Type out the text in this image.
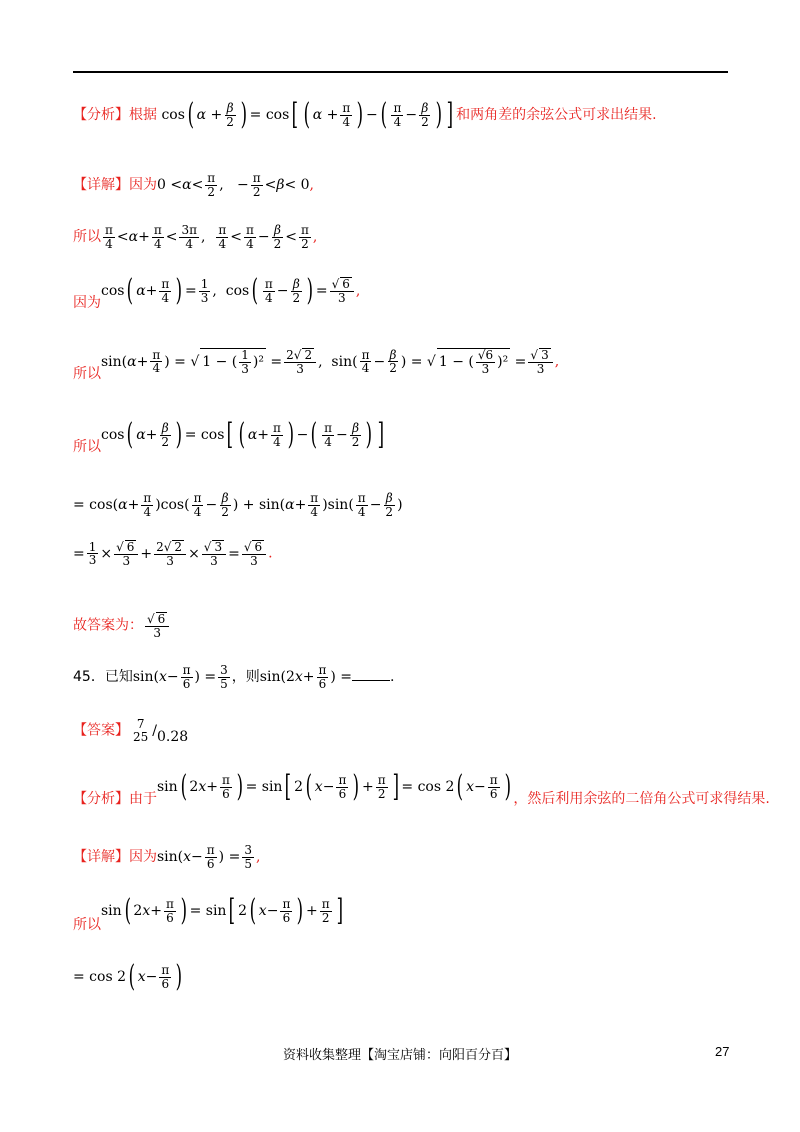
【分析】根据 cos ( $\alpha + \frac{\beta}{2}$ ) = cos [ ( $\alpha + \frac{\pi}{4}$ ) − ( $\frac{\pi}{4} - \frac{\beta}{2}$ ) ] 和两角差的余弦公式可求出结果.
【详解】因为$0 < \alpha < \frac{\pi}{2}$ ,   − $\frac{\pi}{2} < \beta < 0$,
所以 $\frac{\pi}{4} < \alpha + \frac{\pi}{4} < \frac{3\pi}{4}$ , $\frac{\pi}{4} < \frac{\pi}{4} - \frac{\beta}{2} < \frac{\pi}{2}$ ,
因为cos ( $\alpha + \frac{\pi}{4}$ ) = $\frac{1}{3}$ ,  cos ( $\frac{\pi}{4} - \frac{\beta}{2}$ ) = $\frac{√ 6}{3}$ ,
所以sin( $\alpha + \frac{\pi}{4}$ ) = √ 1 − ( $\frac{1}{3} )^2 = \frac{2√ 2}{3}$ ,  $\sin( \frac{\pi}{4} - \frac{\beta}{2}$ ) = √ 1 − ( $\frac{√6}{3} )^2 = \frac{√ 3}{3}$ ,
所以cos ( $\alpha + \frac{\beta}{2}$ ) = cos [ ( $\alpha + \frac{\pi}{4}$ ) − ( $\frac{\pi}{4} - \frac{\beta}{2}$ ) ]
= cos( $\alpha + \frac{\pi}{4} )\cos( \frac{\pi}{4} - \frac{\beta}{2}$ ) + sin( $\alpha + \frac{\pi}{4} )\sin( \frac{\pi}{4} - \frac{\beta}{2}$ )
= $\frac{1}{3} \times \frac{√ 6}{3} + \frac{2√ 2}{3} \times \frac{√ 3}{3} = \frac{√ 6}{3}$ .
故答案为： $\frac{√ 6}{3}$
45．已知sin( $x - \frac{\pi}{6}$ ) = $\frac{3}{5}$ ，则sin(2 $x + \frac{\pi}{6}$ ) =	.
【答案】 7
25 / 0.28
【分析】由于sin ( 2 $x + \frac{\pi}{6}$ ) = sin [ 2 ( $x - \frac{\pi}{6}$ ) + $\frac{\pi}{2}$ ] = cos 2 ( $x - \frac{\pi}{6}$ ) ，然后利用余弦的二倍角公式可求得结果.
【详解】因为sin( $x - \frac{\pi}{6}$ ) = $\frac{3}{5}$ ,
所以sin ( 2 $x + \frac{\pi}{6}$ ) = sin [ 2 ( $x - \frac{\pi}{6}$ ) + $\frac{\pi}{2}$ ]
= cos 2 ( $x - \frac{\pi}{6}$ )
资料收集整理【淘宝店铺：向阳百分百】	27
